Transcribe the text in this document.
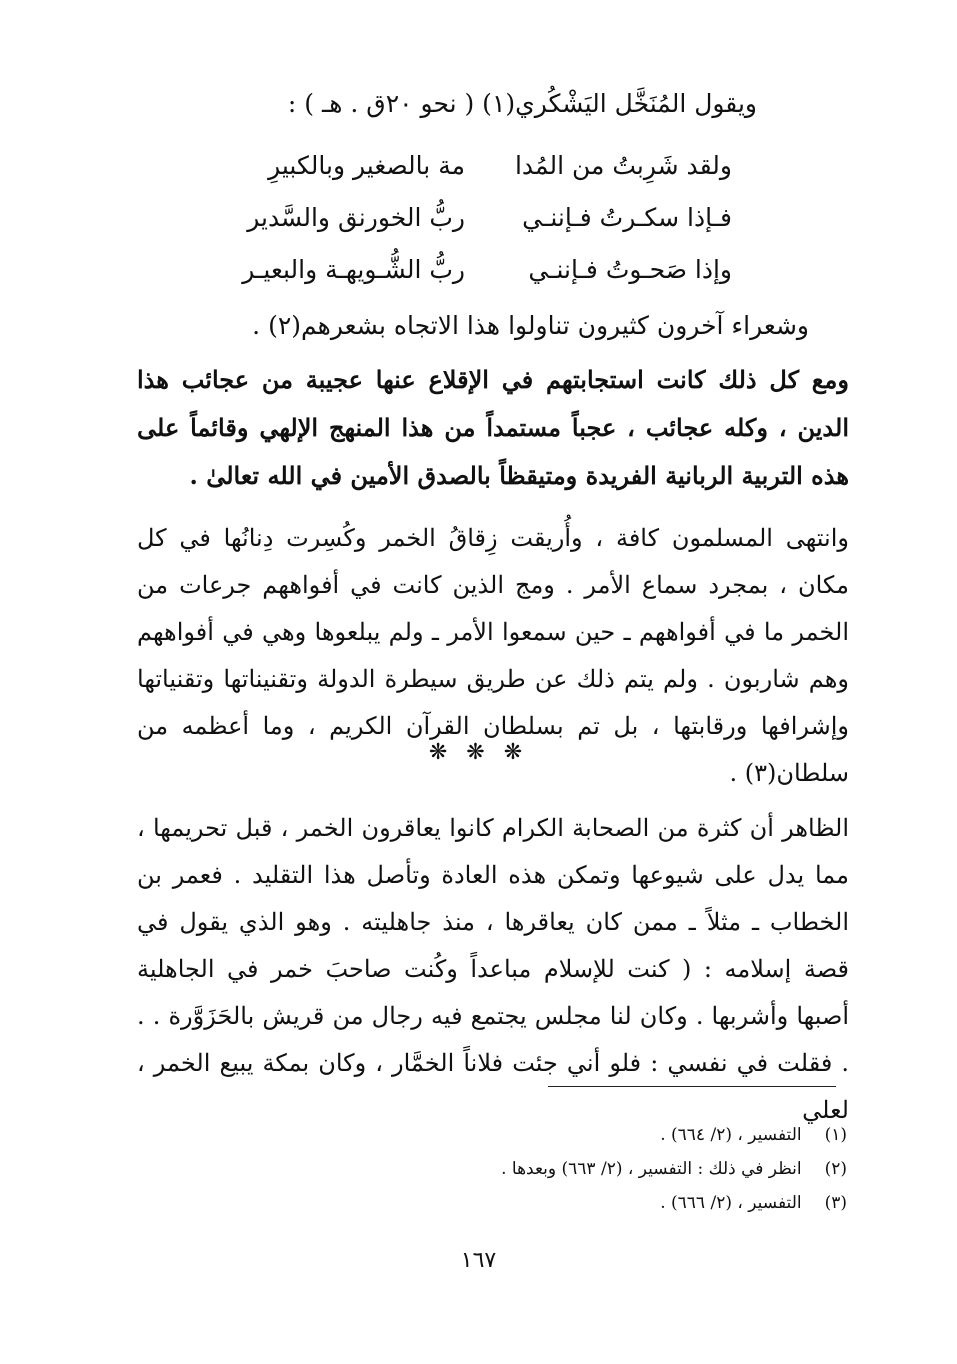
ويقول المُنَخَّل اليَشْكُري(١) ( نحو ٢٠ق . هـ ) :
ولقد شَرِبتُ من المُدا
مة بالصغير وبالكبيرِ
فـإذا سكـرتُ فـإننـي
ربُّ الخورنق والسَّدير
وإذا صَحـوتُ فـإننـي
ربُّ الشُّـويهـة والبعيـر
وشعراء آخرون كثيرون تناولوا هذا الاتجاه بشعرهم(٢) .

ومع كل ذلك كانت استجابتهم في الإقلاع عنها عجيبة من عجائب هذا الدين ، وكله عجائب ، عجباً مستمداً من هذا المنهج الإلهي وقائماً على هذه التربية الربانية الفريدة ومتيقظاً بالصدق الأمين في الله تعالىٰ .

وانتهى المسلمون كافة ، وأُريقت زِقاقُ الخمر وكُسِرت دِنانُها في كل مكان ، بمجرد سماع الأمر . ومج الذين كانت في أفواههم جرعات من الخمر ما في أفواههم ـ حين سمعوا الأمر ـ ولم يبلعوها وهي في أفواههم وهم شاربون . ولم يتم ذلك عن طريق سيطرة الدولة وتقنيناتها وتقنياتها وإشرافها ورقابتها ، بل تم بسلطان القرآن الكريم ، وما أعظمه من سلطان(٣) .

❋ ❋ ❋

الظاهر أن كثرة من الصحابة الكرام كانوا يعاقرون الخمر ، قبل تحريمها ، مما يدل على شيوعها وتمكن هذه العادة وتأصل هذا التقليد . فعمر بن الخطاب ـ مثلاً ـ ممن كان يعاقرها ، منذ جاهليته . وهو الذي يقول في قصة إسلامه : ( كنت للإسلام مباعداً وكُنت صاحبَ خمر في الجاهلية أصبها وأشربها . وكان لنا مجلس يجتمع فيه رجال من قريش بالحَزَوَّرة . . . فقلت في نفسي : فلو أني جئت فلاناً الخمَّار ، وكان بمكة يبيع الخمر ، لعلي

(١) التفسير ، (٢/ ٦٦٤) .
(٢) انظر في ذلك : التفسير ، (٢/ ٦٦٣) وبعدها .
(٣) التفسير ، (٢/ ٦٦٦) .
١٦٧
